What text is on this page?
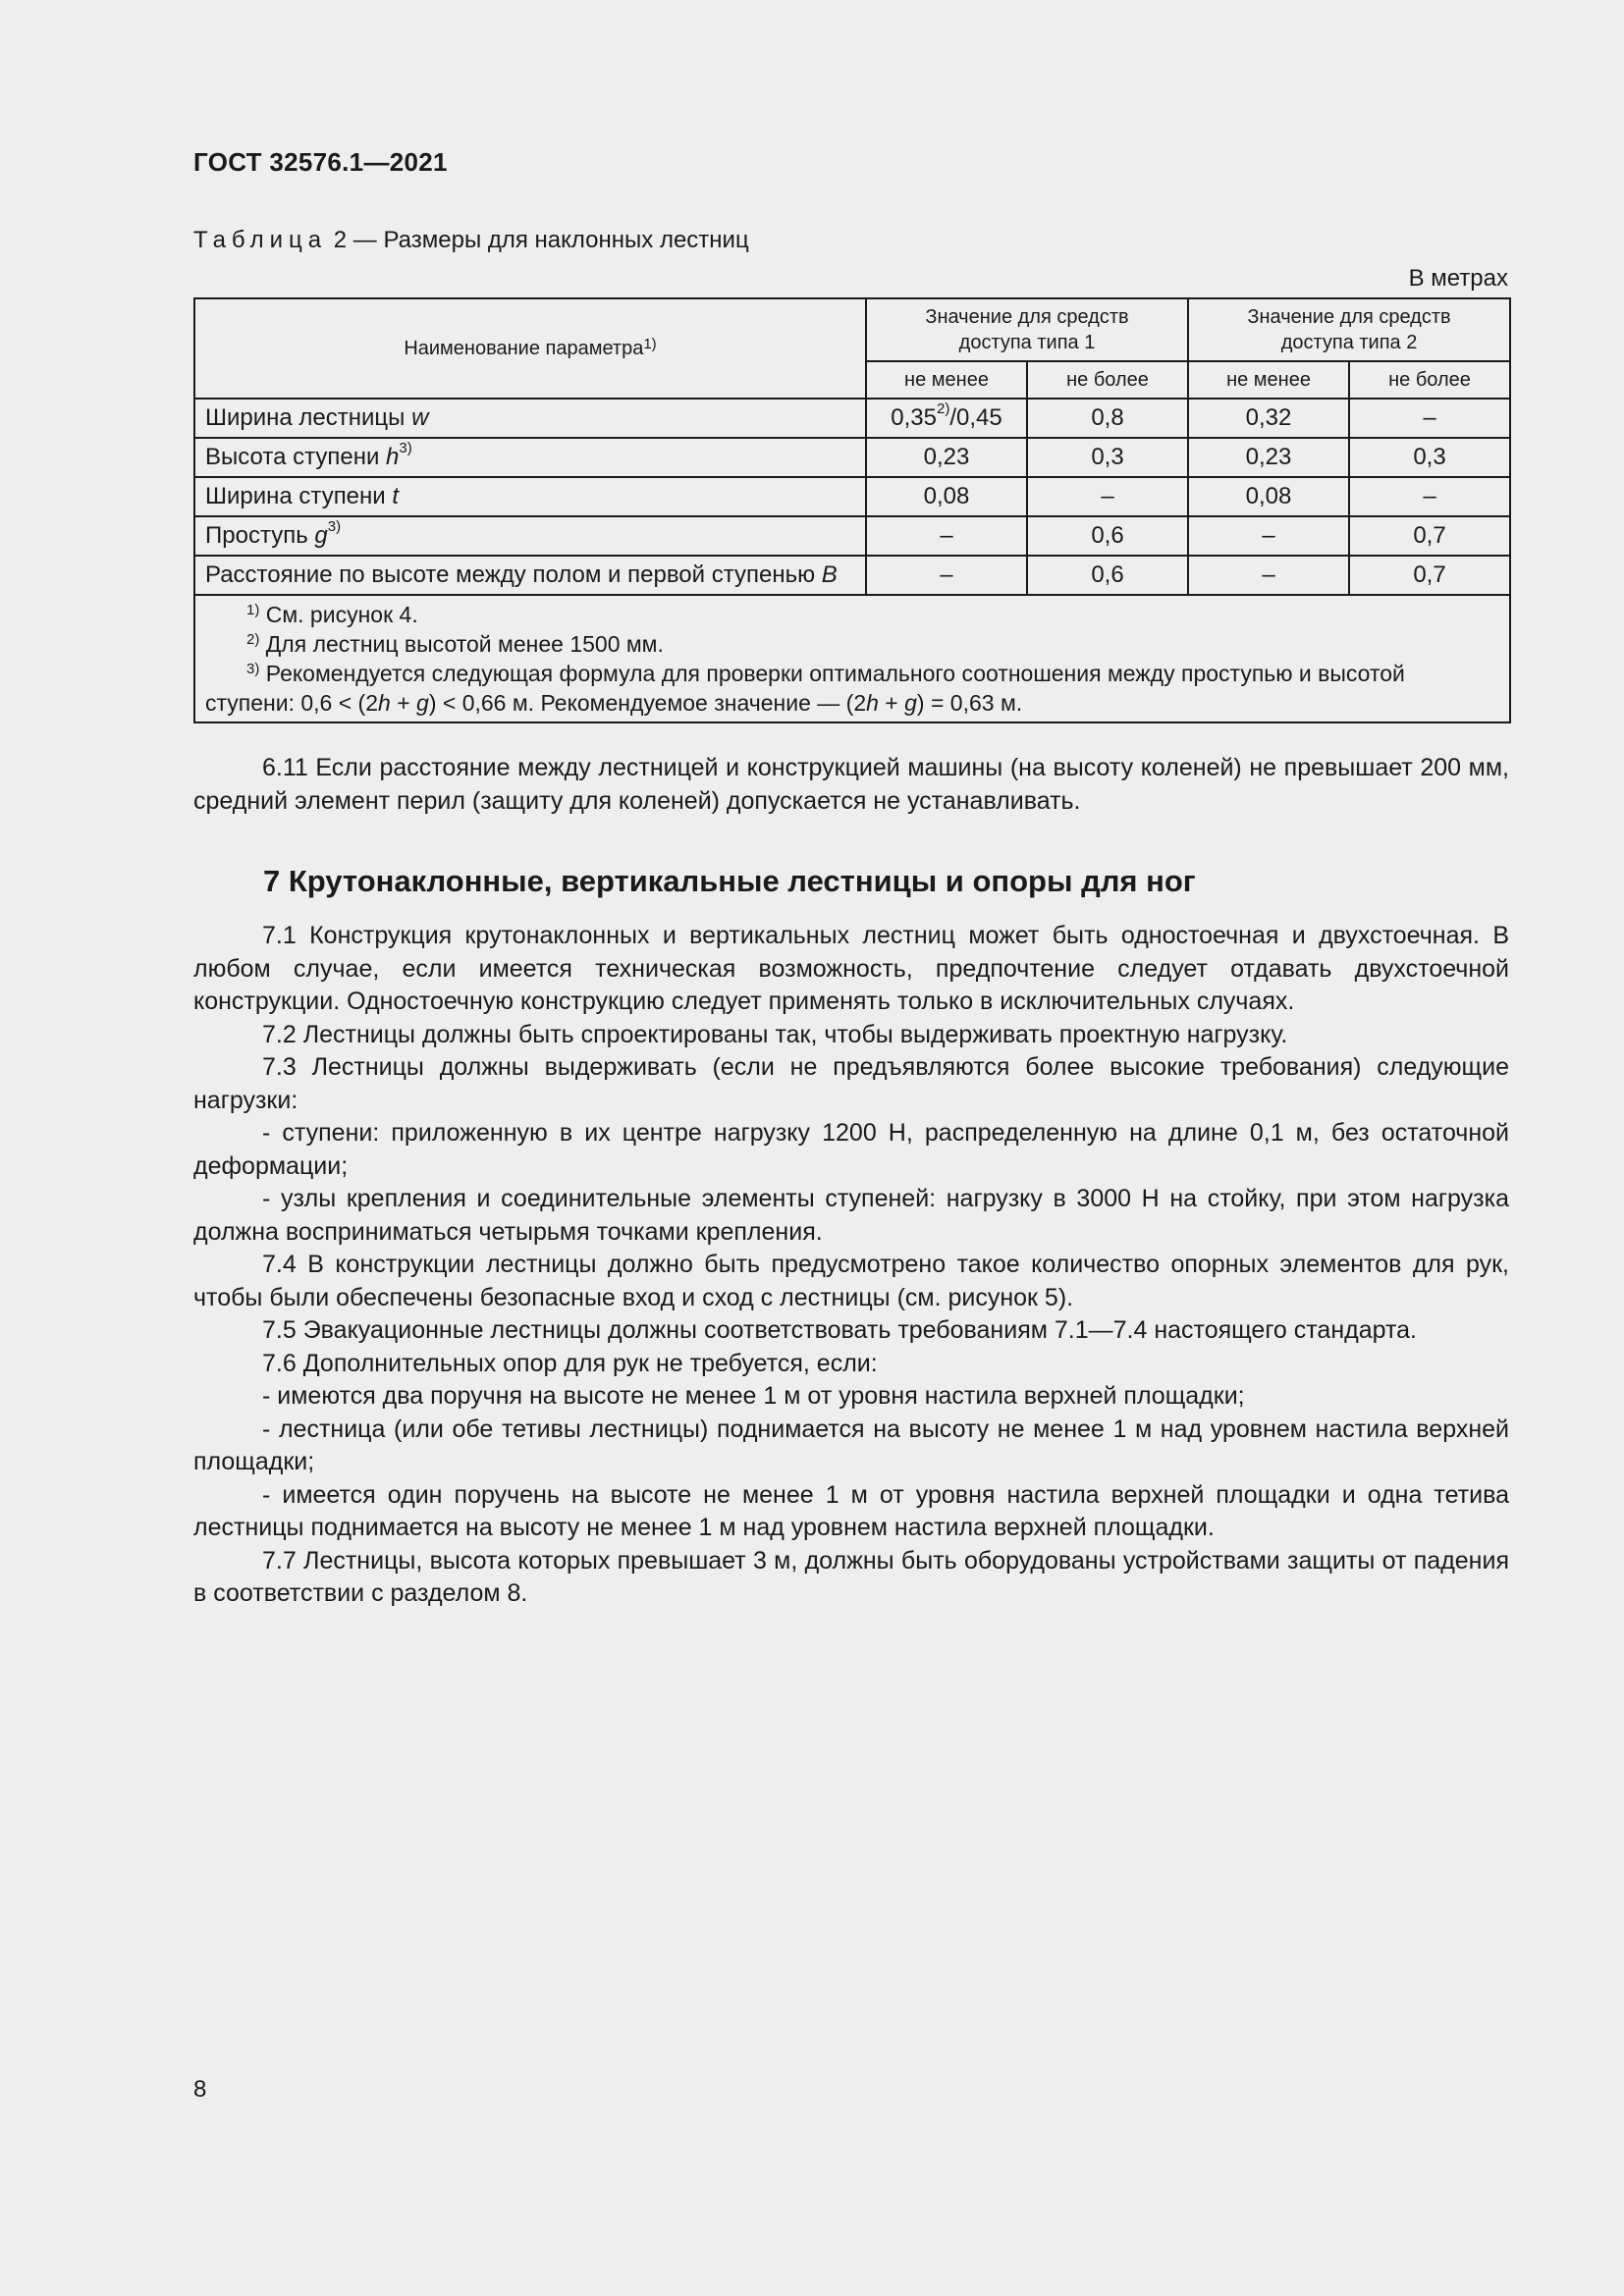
ГОСТ 32576.1—2021
Таблица 2 — Размеры для наклонных лестниц
В метрах
Наименование параметра$^{1)}$	Значение для средств доступа типа 1		Значение для средств доступа типа 2	
	не менее	не более	не менее	не более
Ширина лестницы w	0,35$^{2)}$/0,45	0,8	0,32	–
Высота ступени $h^{3)}$	0,23	0,3	0,23	0,3
Ширина ступени t	0,08	–	0,08	–
Проступь $g^{3)}$	–	0,6	–	0,7
Расстояние по высоте между полом и первой ступенью B	–	0,6	–	0,7

$^{1)}$ См. рисунок 4.
$^{2)}$ Для лестниц высотой менее 1500 мм.
$^{3)}$ Рекомендуется следующая формула для проверки оптимального соотношения между проступью и высотой ступени: 0,6 < (2h + g) < 0,66 м. Рекомендуемое значение — (2h + g) = 0,63 м.				

6.11 Если расстояние между лестницей и конструкцией машины (на высоту коленей) не превышает 200 мм, средний элемент перил (защиту для коленей) допускается не устанавливать.

7 Крутонаклонные, вертикальные лестницы и опоры для ног

7.1 Конструкция крутонаклонных и вертикальных лестниц может быть одностоечная и двухстоечная. В любом случае, если имеется техническая возможность, предпочтение следует отдавать двухстоечной конструкции. Одностоечную конструкцию следует применять только в исключительных случаях.

7.2 Лестницы должны быть спроектированы так, чтобы выдерживать проектную нагрузку.

7.3 Лестницы должны выдерживать (если не предъявляются более высокие требования) следующие нагрузки:

- ступени: приложенную в их центре нагрузку 1200 Н, распределенную на длине 0,1 м, без остаточной деформации;

- узлы крепления и соединительные элементы ступеней: нагрузку в 3000 Н на стойку, при этом нагрузка должна восприниматься четырьмя точками крепления.

7.4 В конструкции лестницы должно быть предусмотрено такое количество опорных элементов для рук, чтобы были обеспечены безопасные вход и сход с лестницы (см. рисунок 5).

7.5 Эвакуационные лестницы должны соответствовать требованиям 7.1—7.4 настоящего стандарта.

7.6 Дополнительных опор для рук не требуется, если:

- имеются два поручня на высоте не менее 1 м от уровня настила верхней площадки;

- лестница (или обе тетивы лестницы) поднимается на высоту не менее 1 м над уровнем настила верхней площадки;

- имеется один поручень на высоте не менее 1 м от уровня настила верхней площадки и одна тетива лестницы поднимается на высоту не менее 1 м над уровнем настила верхней площадки.

7.7 Лестницы, высота которых превышает 3 м, должны быть оборудованы устройствами защиты от падения в соответствии с разделом 8.

8
